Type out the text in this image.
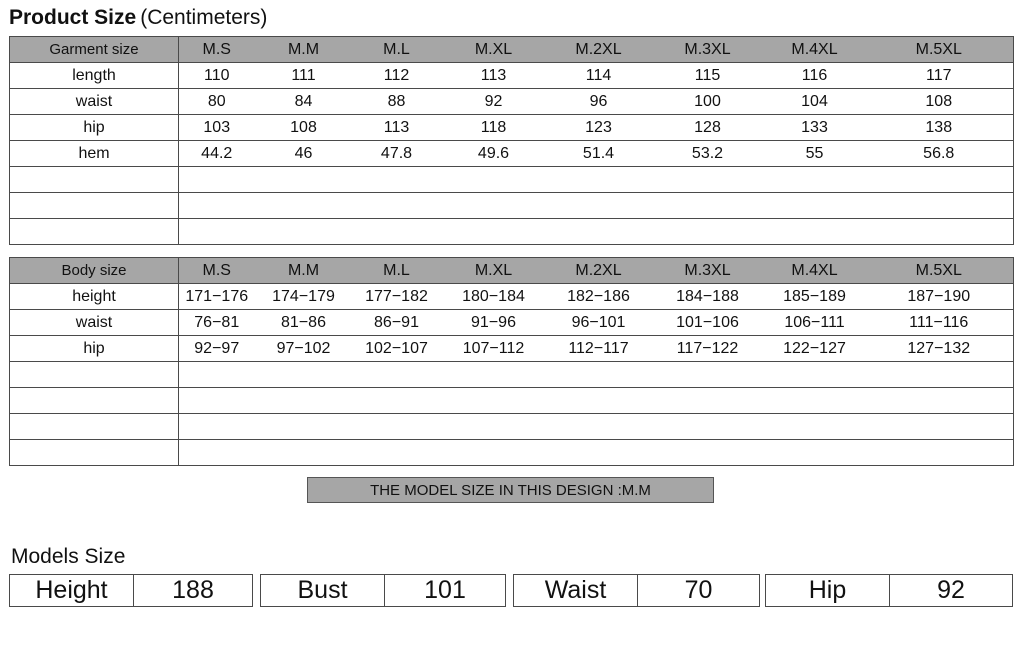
Product Size (Centimeters)
Garment size	M.S	M.M	M.L	M.XL	M.2XL	M.3XL	M.4XL	M.5XL
length	110	111	112	113	114	115	116	117
waist	80	84	88	92	96	100	104	108
hip	103	108	113	118	123	128	133	138
hem	44.2	46	47.8	49.6	51.4	53.2	55	56.8

Body size	M.S	M.M	M.L	M.XL	M.2XL	M.3XL	M.4XL	M.5XL
height	171−176	174−179	177−182	180−184	182−186	184−188	185−189	187−190
waist	76−81	81−86	86−91	91−96	96−101	101−106	106−111	111−116
hip	92−97	97−102	102−107	107−112	112−117	117−122	122−127	127−132

THE MODEL SIZE IN THIS DESIGN :M.M
Models Size
Height	188	Bust	101	Waist	70	Hip	92
